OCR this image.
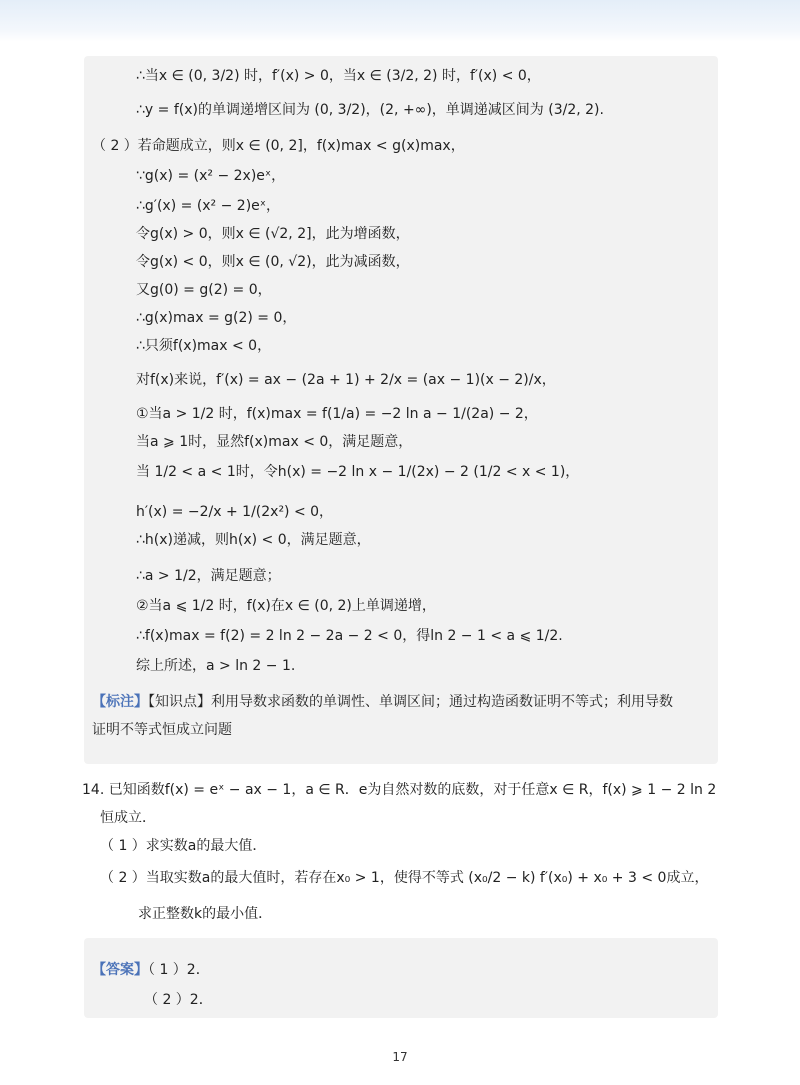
∴当x ∈ (0, 3/2) 时，f′(x) > 0，当x ∈ (3/2, 2) 时，f′(x) < 0，
∴y = f(x)的单调递增区间为 (0, 3/2)，(2, +∞)，单调递减区间为 (3/2, 2).
（ 2 ）若命题成立，则x ∈ (0, 2]，f(x)max < g(x)max，
∵g(x) = (x² − 2x)eˣ，
∴g′(x) = (x² − 2)eˣ，
令g(x) > 0，则x ∈ (√2, 2]，此为增函数，
令g(x) < 0，则x ∈ (0, √2)，此为减函数，
又g(0) = g(2) = 0，
∴g(x)max = g(2) = 0，
∴只须f(x)max < 0，
对f(x)来说，f′(x) = ax − (2a + 1) + 2/x = (ax − 1)(x − 2)/x，
①当a > 1/2 时，f(x)max = f(1/a) = −2 ln a − 1/(2a) − 2，
当a ⩾ 1时，显然f(x)max < 0，满足题意，
当 1/2 < a < 1时，令h(x) = −2 ln x − 1/(2x) − 2 (1/2 < x < 1)，
h′(x) = −2/x + 1/(2x²) < 0，
∴h(x)递减，则h(x) < 0，满足题意，
∴a > 1/2，满足题意；
②当a ⩽ 1/2 时，f(x)在x ∈ (0, 2)上单调递增，
∴f(x)max = f(2) = 2 ln 2 − 2a − 2 < 0，得ln 2 − 1 < a ⩽ 1/2.
综上所述，a > ln 2 − 1.
【标注】【知识点】利用导数求函数的单调性、单调区间；通过构造函数证明不等式；利用导数
证明不等式恒成立问题
14. 已知函数f(x) = eˣ − ax − 1，a ∈ R．e为自然对数的底数，对于任意x ∈ R，f(x) ⩾ 1 − 2 ln 2
恒成立．
（ 1 ）求实数a的最大值．
（ 2 ）当取实数a的最大值时，若存在x₀ > 1，使得不等式 (x₀/2 − k) f′(x₀) + x₀ + 3 < 0成立，
求正整数k的最小值．
【答案】（ 1 ）2．
（ 2 ）2．
17
